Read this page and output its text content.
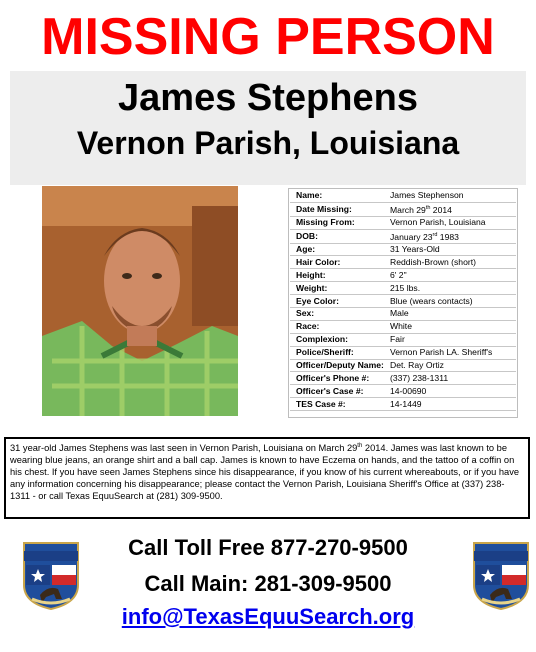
MISSING PERSON
James Stephens
Vernon Parish, Louisiana
Name:	James Stephenson
Date Missing:	March 29th 2014
Missing From:	Vernon Parish, Louisiana
DOB:	January 23rd 1983
Age:	31 Years-Old
Hair Color:	Reddish-Brown (short)
Height:	6' 2"
Weight:	215 lbs.
Eye Color:	Blue (wears contacts)
Sex:	Male
Race:	White
Complexion:	Fair
Police/Sheriff:	Vernon Parish LA. Sheriff's
Officer/Deputy Name:	Det. Ray Ortiz
Officer's Phone #:	(337) 238-1311
Officer's Case #:	14-00690
TES Case #:	14-1449
31 year-old James Stephens was last seen in Vernon Parish, Louisiana on March 29th 2014. James was last known to be wearing blue jeans, an orange shirt and a ball cap. James is known to have Eczema on hands, and the tattoo of a coffin on his chest. If you have seen James Stephens since his disappearance, if you know of his current whereabouts, or if you have any information concerning his disappearance; please contact the Vernon Parish, Louisiana Sheriff's Office at (337) 238-1311 - or call Texas EquuSearch at (281) 309-9500.
Call Toll Free 877-270-9500
Call Main: 281-309-9500
info@TexasEquuSearch.org
